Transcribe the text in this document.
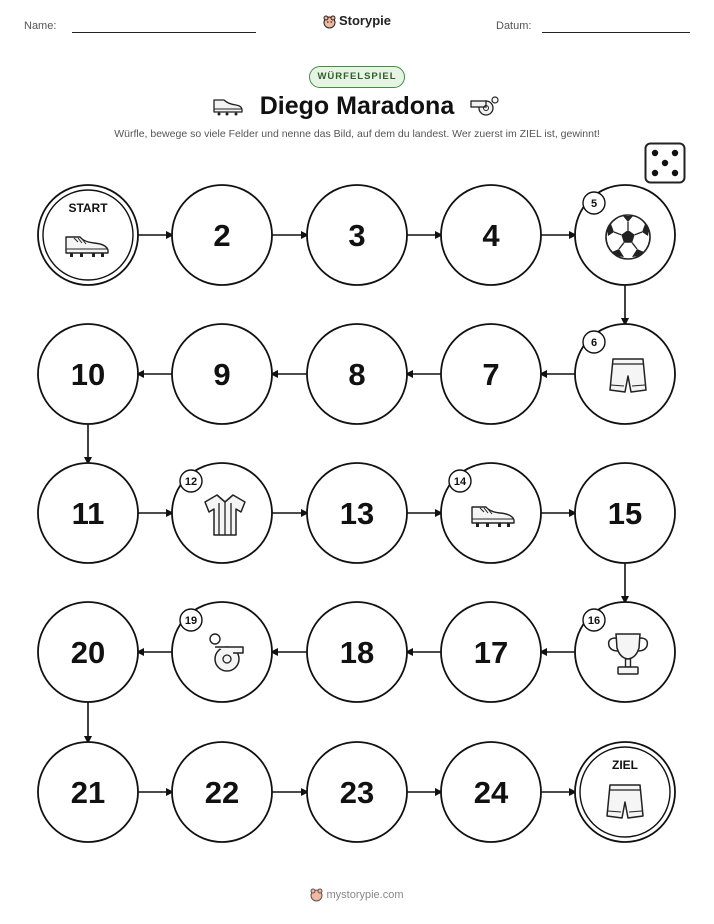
Name:	Storypie	Datum:
WÜRFELSPIEL
Diego Maradona
Würfle, bewege so viele Felder und nenne das Bild, auf dem du landest. Wer zuerst im ZIEL ist, gewinnt!
START
2	3	4
5
6
7
8
9
10
11
12
13
14
15
16
17
18
19
20
21	22	23	24
ZIEL
mystorypie.com
